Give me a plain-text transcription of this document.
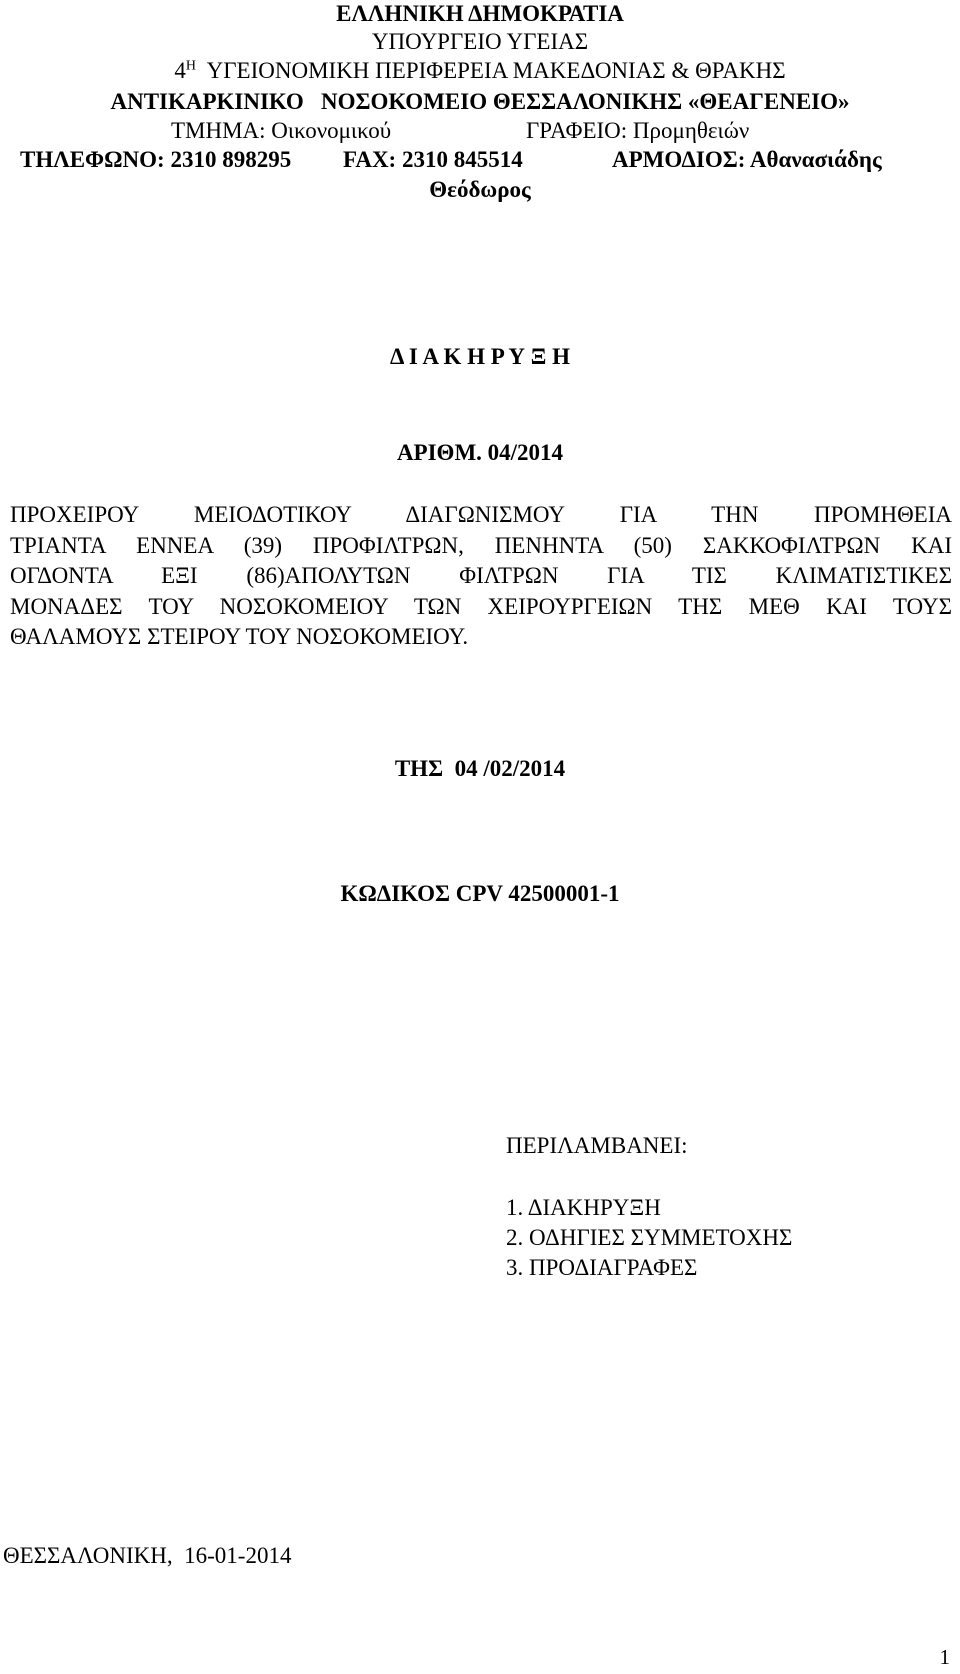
ΕΛΛΗΝΙΚΗ ΔΗΜΟΚΡΑΤΙΑ
ΥΠΟΥΡΓΕΙΟ ΥΓΕΙΑΣ
$4^H$ ΥΓΕΙΟΝΟΜΙΚΗ ΠΕΡΙΦΕΡΕΙΑ ΜΑΚΕΔΟΝΙΑΣ & ΘΡΑΚΗΣ
ΑΝΤΙΚΑΡΚΙΝΙΚΟ   ΝΟΣΟΚΟΜΕΙΟ ΘΕΣΣΑΛΟΝΙΚΗΣ «ΘΕΑΓΕΝΕΙΟ»
ΤΜΗΜΑ: Οικονομικού	ΓΡΑΦΕΙΟ: Προμηθειών
ΤΗΛΕΦΩΝΟ: 2310 898295 FAX: 2310 845514	ΑΡΜΟΔΙΟΣ: Αθανασιάδης
Θεόδωρος
Δ Ι Α Κ Η Ρ Υ Ξ Η
ΑΡΙΘΜ. 04/2014
ΠΡΟΧΕΙΡΟΥ ΜΕΙΟΔΟΤΙΚΟΥ ΔΙΑΓΩΝΙΣΜΟΥ ΓΙΑ ΤΗΝ ΠΡΟΜΗΘΕΙΑ
ΤΡΙΑΝΤΑ ΕΝΝΕΑ (39) ΠΡΟΦΙΛΤΡΩΝ, ΠΕΝΗΝΤΑ (50) ΣΑΚΚΟΦΙΛΤΡΩΝ ΚΑΙ
ΟΓΔΟΝΤΑ ΕΞΙ (86)ΑΠΟΛΥΤΩΝ ΦΙΛΤΡΩΝ ΓΙΑ ΤΙΣ ΚΛΙΜΑΤΙΣΤΙΚΕΣ
ΜΟΝΑΔΕΣ ΤΟΥ ΝΟΣΟΚΟΜΕΙΟΥ ΤΩΝ ΧΕΙΡΟΥΡΓΕΙΩΝ ΤΗΣ ΜΕΘ ΚΑΙ ΤΟΥΣ
ΘΑΛΑΜΟΥΣ ΣΤΕΙΡΟΥ ΤΟΥ ΝΟΣΟΚΟΜΕΙΟΥ.
ΤΗΣ  04 /02/2014
ΚΩΔΙΚΟΣ CPV 42500001-1
ΠΕΡΙΛΑΜΒΑΝΕΙ:
1. ΔΙΑΚΗΡΥΞΗ
2. ΟΔΗΓΙΕΣ ΣΥΜΜΕΤΟΧΗΣ
3. ΠΡΟΔΙΑΓΡΑΦΕΣ
ΘΕΣΣΑΛΟΝΙΚΗ,  16-01-2014
1
